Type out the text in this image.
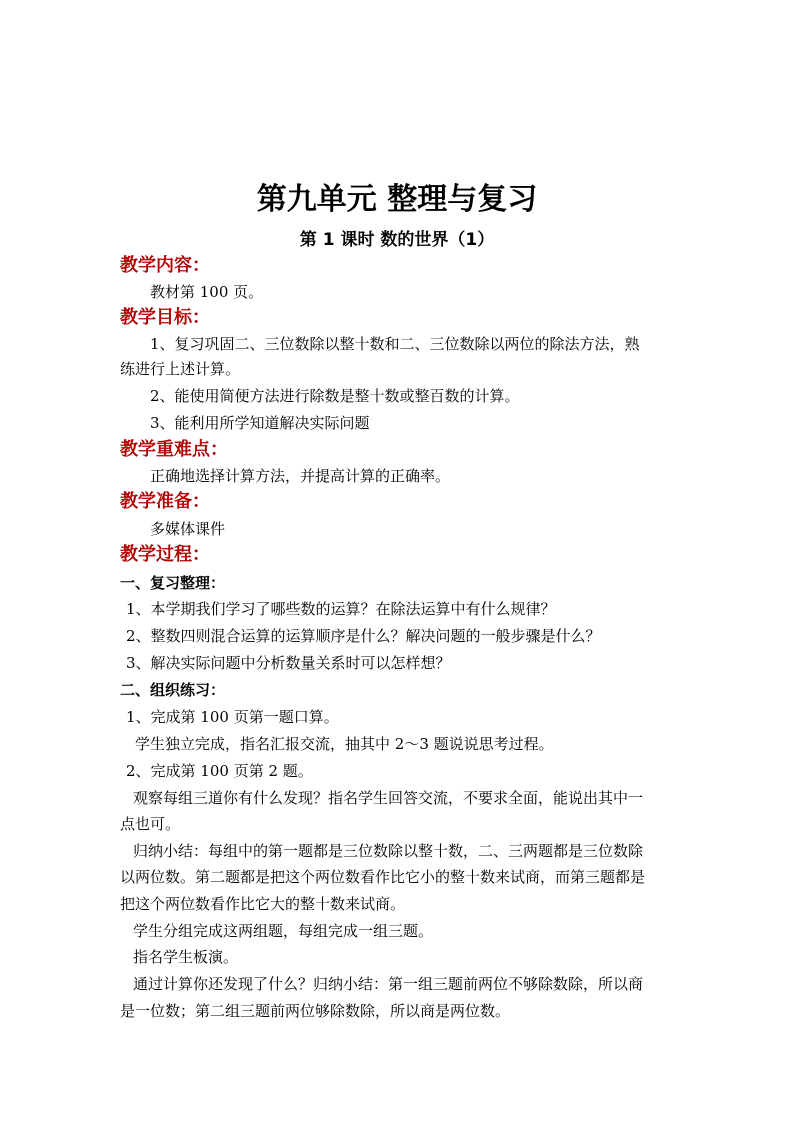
第九单元 整理与复习
第 1 课时 数的世界（1）
教学内容：
教材第 100 页。
教学目标：
1、复习巩固二、三位数除以整十数和二、三位数除以两位的除法方法，熟
练进行上述计算。
2、能使用简便方法进行除数是整十数或整百数的计算。
3、能利用所学知道解决实际问题
教学重难点：
正确地选择计算方法，并提高计算的正确率。
教学准备：
多媒体课件
教学过程：
一、复习整理：
1、本学期我们学习了哪些数的运算？在除法运算中有什么规律？
2、整数四则混合运算的运算顺序是什么？解决问题的一般步骤是什么？
3、解决实际问题中分析数量关系时可以怎样想？
二、组织练习：
1、完成第 100 页第一题口算。
学生独立完成，指名汇报交流，抽其中 2～3 题说说思考过程。
2、完成第 100 页第 2 题。
观察每组三道你有什么发现？指名学生回答交流，不要求全面，能说出其中一
点也可。
归纳小结：每组中的第一题都是三位数除以整十数，二、三两题都是三位数除
以两位数。第二题都是把这个两位数看作比它小的整十数来试商，而第三题都是
把这个两位数看作比它大的整十数来试商。
学生分组完成这两组题，每组完成一组三题。
指名学生板演。
通过计算你还发现了什么？归纳小结：第一组三题前两位不够除数除，所以商
是一位数；第二组三题前两位够除数除，所以商是两位数。
